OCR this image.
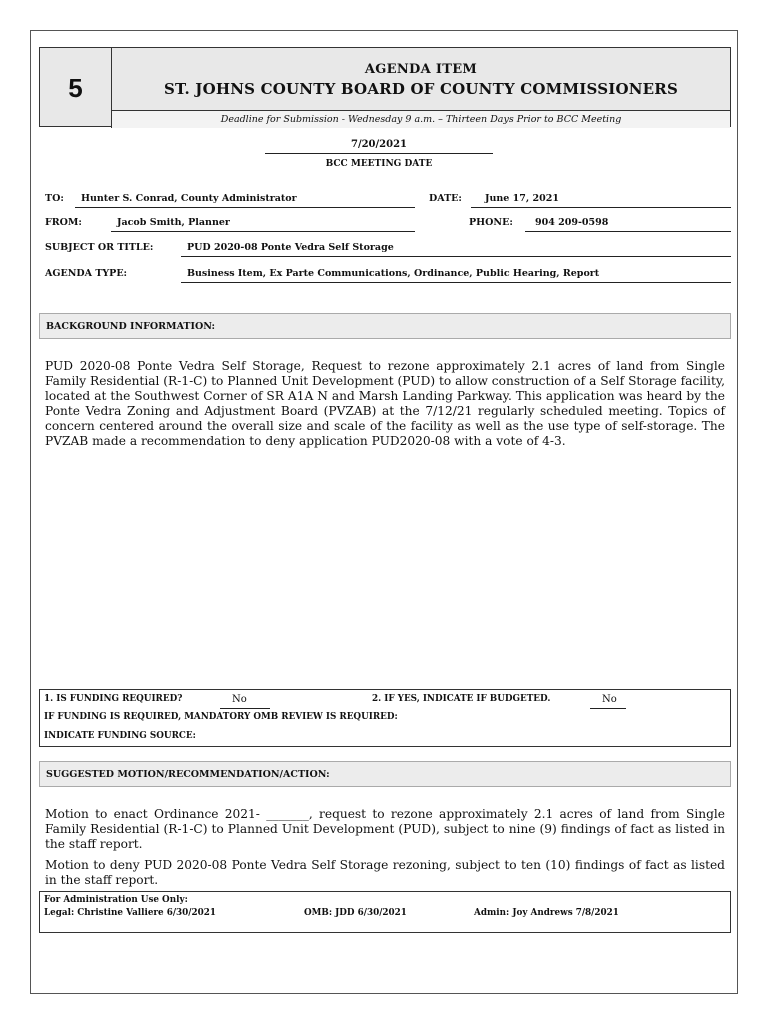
5
AGENDA ITEM
ST. JOHNS COUNTY BOARD OF COUNTY COMMISSIONERS
Deadline for Submission - Wednesday 9 a.m. – Thirteen Days Prior to BCC Meeting
7/20/2021
BCC MEETING DATE
TO: Hunter S. Conrad, County Administrator	DATE: June 17, 2021
FROM:	Jacob Smith, Planner	PHONE: 904 209-0598
SUBJECT OR TITLE:	PUD 2020-08 Ponte Vedra Self Storage
AGENDA TYPE:	Business Item, Ex Parte Communications, Ordinance, Public Hearing, Report
BACKGROUND INFORMATION:
PUD 2020-08 Ponte Vedra Self Storage, Request to rezone approximately 2.1 acres of land from Single Family Residential (R-1-C) to Planned Unit Development (PUD) to allow construction of a Self Storage facility, located at the Southwest Corner of SR A1A N and Marsh Landing Parkway. This application was heard by the Ponte Vedra Zoning and Adjustment Board (PVZAB) at the 7/12/21 regularly scheduled meeting. Topics of concern centered around the overall size and scale of the facility as well as the use type of self-storage. The PVZAB made a recommendation to deny application PUD2020-08 with a vote of 4-3.
1. IS FUNDING REQUIRED?	No	2. IF YES, INDICATE IF BUDGETED.	No
IF FUNDING IS REQUIRED, MANDATORY OMB REVIEW IS REQUIRED:
INDICATE FUNDING SOURCE:
SUGGESTED MOTION/RECOMMENDATION/ACTION:
Motion to enact Ordinance 2021- _______, request to rezone approximately 2.1 acres of land from Single Family Residential (R-1-C) to Planned Unit Development (PUD), subject to nine (9) findings of fact as listed in the staff report.
Motion to deny PUD 2020-08 Ponte Vedra Self Storage rezoning, subject to ten (10) findings of fact as listed in the staff report.
For Administration Use Only:
Legal: Christine Valliere 6/30/2021	OMB: JDD 6/30/2021	Admin: Joy Andrews 7/8/2021
